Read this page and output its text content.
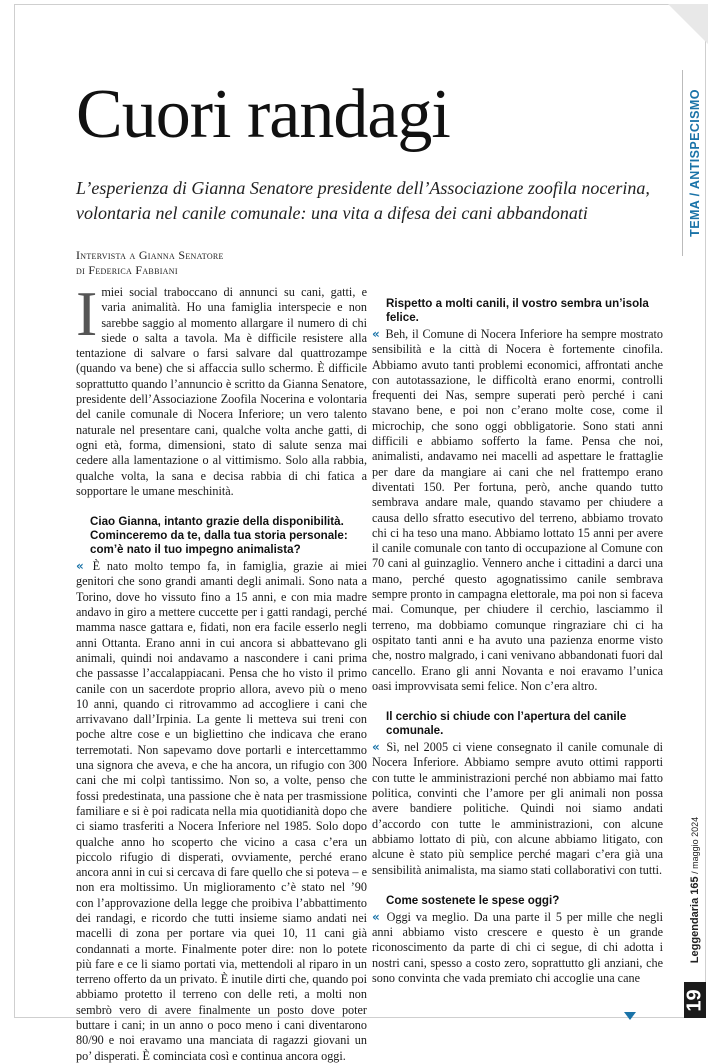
TEMA / ANTISPECISMO
Cuori randagi

L’esperienza di Gianna Senatore presidente dell’Associazione zoofila nocerina, volontaria nel canile comunale: una vita a difesa dei cani abbandonati

Intervista a Gianna Senatore
di Federica Fabbiani

Imiei social traboccano di annunci su cani, gatti, e varia animalità. Ho una famiglia interspecie e non sarebbe saggio al momento allargare il numero di chi siede o salta a tavola. Ma è difficile resistere alla tentazione di salvare o farsi salvare dal quattrozampe (quando va bene) che si affaccia sullo schermo. È difficile soprattutto quando l’annuncio è scritto da Gianna Senatore, presidente dell’Associazione Zoofila Nocerina e volontaria del canile comunale di Nocera Inferiore; un vero talento naturale nel presentare cani, qualche volta anche gatti, di ogni età, forma, dimensioni, stato di salute senza mai cedere alla lamentazione o al vittimismo. Solo alla rabbia, qualche volta, la sana e decisa rabbia di chi fatica a sopportare le umane meschinità.

Ciao Gianna, intanto grazie della disponibilità. Cominceremo da te, dalla tua storia personale: com’è nato il tuo impegno animalista?

« È nato molto tempo fa, in famiglia, grazie ai miei genitori che sono grandi amanti degli animali. Sono nata a Torino, dove ho vissuto fino a 15 anni, e con mia madre andavo in giro a mettere cuccette per i gatti randagi, perché mamma nasce gattara e, fidati, non era facile esserlo negli anni Ottanta. Erano anni in cui ancora si abbattevano gli animali, quindi noi andavamo a nascondere i cani prima che passasse l’accalappiacani. Pensa che ho visto il primo canile con un sacerdote proprio allora, avevo più o meno 10 anni, quando ci ritrovammo ad accogliere i cani che arrivavano dall’Irpinia. La gente li metteva sui treni con poche altre cose e un bigliettino che indicava che erano terremotati. Non sapevamo dove portarli e intercettammo una signora che aveva, e che ha ancora, un rifugio con 300 cani che mi colpì tantissimo. Non so, a volte, penso che fossi predestinata, una passione che è nata per trasmissione familiare e si è poi radicata nella mia quotidianità dopo che ci siamo trasferiti a Nocera Inferiore nel 1985. Solo dopo qualche anno ho scoperto che vicino a casa c’era un piccolo rifugio di disperati, ovviamente, perché erano ancora anni in cui si cercava di fare quello che si poteva – e non era moltissimo. Un miglioramento c’è stato nel ’90 con l’approvazione della legge che proibiva l’abbattimento dei randagi, e ricordo che tutti insieme siamo andati nei macelli di zona per portare via quei 10, 11 cani già condannati a morte. Finalmente poter dire: non lo potete più fare e ce li siamo portati via, mettendoli al riparo in un terreno offerto da un privato. È inutile dirti che, quando poi abbiamo protetto il terreno con delle reti, a molti non sembrò vero di avere finalmente un posto dove poter buttare i cani; in un anno o poco meno i cani diventarono 80/90 e noi eravamo una manciata di ragazzi giovani un po’ disperati. È cominciata così e continua ancora oggi.

Rispetto a molti canili, il vostro sembra un’isola felice.

« Beh, il Comune di Nocera Inferiore ha sempre mostrato sensibilità e la città di Nocera è fortemente cinofila. Abbiamo avuto tanti problemi economici, affrontati anche con autotassazione, le difficoltà erano enormi, controlli frequenti dei Nas, sempre superati però perché i cani stavano bene, e poi non c’erano molte cose, come il microchip, che sono oggi obbligatorie. Sono stati anni difficili e abbiamo sofferto la fame. Pensa che noi, animalisti, andavamo nei macelli ad aspettare le frattaglie per dare da mangiare ai cani che nel frattempo erano diventati 150. Per fortuna, però, anche quando tutto sembrava andare male, quando stavamo per chiudere a causa dello sfratto esecutivo del terreno, abbiamo trovato chi ci ha teso una mano. Abbiamo lottato 15 anni per avere il canile comunale con tanto di occupazione al Comune con 70 cani al guinzaglio. Vennero anche i cittadini a darci una mano, perché questo agognatissimo canile sembrava sempre pronto in campagna elettorale, ma poi non si faceva mai. Comunque, per chiudere il cerchio, lasciammo il terreno, ma dobbiamo comunque ringraziare chi ci ha ospitato tanti anni e ha avuto una pazienza enorme visto che, nostro malgrado, i cani venivano abbandonati fuori dal cancello. Erano gli anni Novanta e noi eravamo l’unica oasi improvvisata semi felice. Non c’era altro.

Il cerchio si chiude con l’apertura del canile comunale.

« Sì, nel 2005 ci viene consegnato il canile comunale di Nocera Inferiore. Abbiamo sempre avuto ottimi rapporti con tutte le amministrazioni perché non abbiamo mai fatto politica, convinti che l’amore per gli animali non possa avere bandiere politiche. Quindi noi siamo andati d’accordo con tutte le amministrazioni, con alcune abbiamo lottato di più, con alcune abbiamo litigato, con alcune è stato più semplice perché magari c’era già una sensibilità animalista, ma siamo stati collaborativi con tutti.

Come sostenete le spese oggi?

« Oggi va meglio. Da una parte il 5 per mille che negli anni abbiamo visto crescere e questo è un grande riconoscimento da parte di chi ci segue, di chi adotta i nostri cani, spesso a costo zero, soprattutto gli anziani, che sono convinta che vada premiato chi accoglie una cane

Leggendaria 165 / maggio 2024
19
